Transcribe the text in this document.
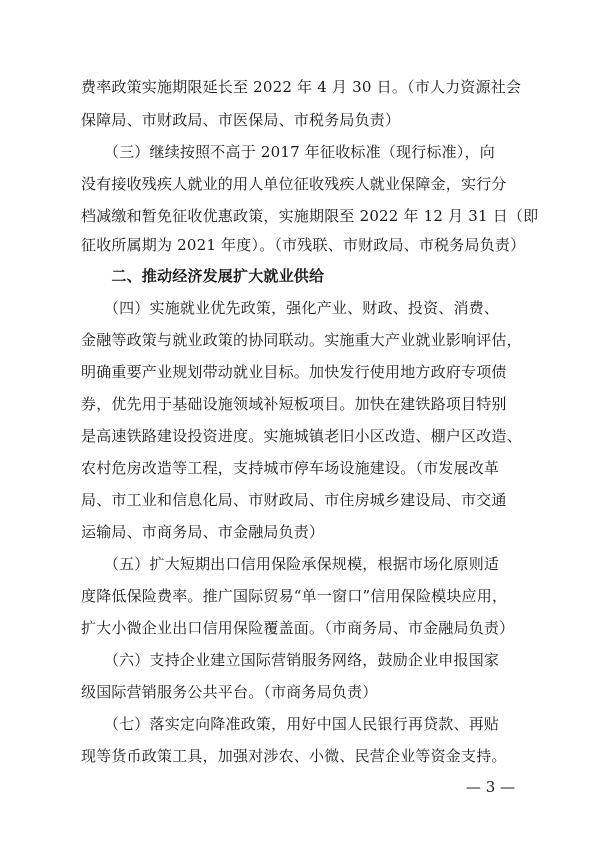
费率政策实施期限延长至 2022 年 4 月 30 日。（市人力资源社会
保障局、市财政局、市医保局、市税务局负责）
　　（三）继续按照不高于 2017 年征收标准（现行标准），向
没有接收残疾人就业的用人单位征收残疾人就业保障金，实行分
档减缴和暂免征收优惠政策，实施期限至 2022 年 12 月 31 日（即
征收所属期为 2021 年度）。（市残联、市财政局、市税务局负责）
　　二、推动经济发展扩大就业供给
　　（四）实施就业优先政策，强化产业、财政、投资、消费、
金融等政策与就业政策的协同联动。实施重大产业就业影响评估，
明确重要产业规划带动就业目标。加快发行使用地方政府专项债
券，优先用于基础设施领域补短板项目。加快在建铁路项目特别
是高速铁路建设投资进度。实施城镇老旧小区改造、棚户区改造、
农村危房改造等工程，支持城市停车场设施建设。（市发展改革
局、市工业和信息化局、市财政局、市住房城乡建设局、市交通
运输局、市商务局、市金融局负责）
　　（五）扩大短期出口信用保险承保规模，根据市场化原则适
度降低保险费率。推广国际贸易“单一窗口”信用保险模块应用，
扩大小微企业出口信用保险覆盖面。（市商务局、市金融局负责）
　　（六）支持企业建立国际营销服务网络，鼓励企业申报国家
级国际营销服务公共平台。（市商务局负责）
　　（七）落实定向降准政策，用好中国人民银行再贷款、再贴
现等货币政策工具，加强对涉农、小微、民营企业等资金支持。
— 3 —
